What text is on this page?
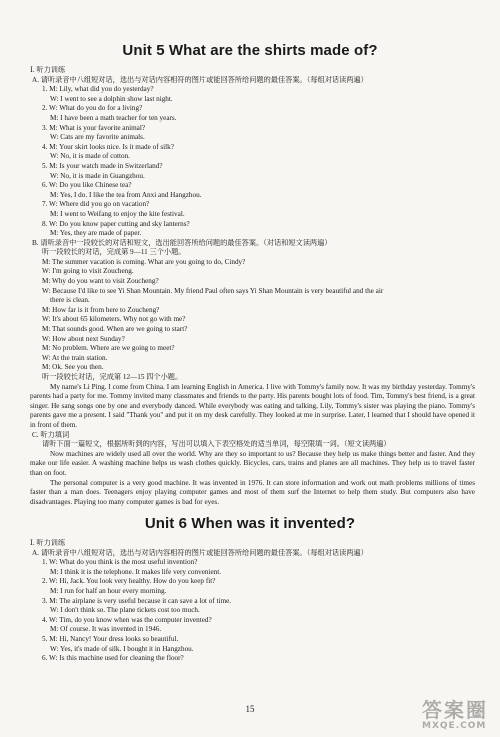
Unit 5 What are the shirts made of?
Ⅰ. 听力训练
A. 请听录音中八组短对话，选出与对话内容相符的图片或能回答所给问题的最佳答案。（每组对话读两遍）
1. M: Lily, what did you do yesterday?
W: I went to see a dolphin show last night.
2. W: What do you do for a living?
M: I have been a math teacher for ten years.
3. M: What is your favorite animal?
W: Cats are my favorite animals.
4. M: Your skirt looks nice. Is it made of silk?
W: No, it is made of cotton.
5. M: Is your watch made in Switzerland?
W: No, it is made in Guangzhou.
6. W: Do you like Chinese tea?
M: Yes, I do. I like the tea from Anxi and Hangzhou.
7. W: Where did you go on vacation?
M: I went to Weifang to enjoy the kite festival.
8. W: Do you know paper cutting and sky lanterns?
M: Yes, they are made of paper.
B. 请听录音中一段较长的对话和短文，选出能回答所给问题的最佳答案。（对话和短文读两遍）
听一段较长的对话，完成第 9—11 三个小题。
M: The summer vacation is coming. What are you going to do, Cindy?
W: I'm going to visit Zoucheng.
M: Why do you want to visit Zoucheng?
W: Because I'd like to see Yi Shan Mountain. My friend Paul often says Yi Shan Mountain is very beautiful and the air
there is clean.
M: How far is it from here to Zoucheng?
W: It's about 65 kilometers. Why not go with me?
M: That sounds good. When are we going to start?
W: How about next Sunday?
M: No problem. Where are we going to meet?
W: At the train station.
M: Ok. See you then.
听一段较长对话，完成第 12—15 四个小题。
My name's Li Ping. I come from China. I am learning English in America. I live with Tommy's family now. It was my birthday yesterday. Tommy's parents had a party for me. Tommy invited many classmates and friends to the party. His parents bought lots of food. Tim, Tommy's best friend, is a great singer. He sang songs one by one and everybody danced. While everybody was eating and talking, Lily, Tommy's sister was playing the piano. Tommy's parents gave me a present. I said "Thank you" and put it on my desk carefully. They looked at me in surprise. Later, I learned that I should have opened it in front of them.
C. 听力填词
请听下面一篇短文，根据所听到的内容，写出可以填入下表空格处的适当单词，每空限填一词。（短文读两遍）
Now machines are widely used all over the world. Why are they so important to us? Because they help us make things better and faster. And they make our life easier. A washing machine helps us wash clothes quickly. Bicycles, cars, trains and planes are all machines. They help us to travel faster than on foot.
The personal computer is a very good machine. It was invented in 1976. It can store information and work out math problems millions of times faster than a man does. Teenagers enjoy playing computer games and most of them surf the Internet to help them study. But computers also have disadvantages. Playing too many computer games is bad for eyes.
Unit 6 When was it invented?
Ⅰ. 听力训练
A. 请听录音中八组短对话，选出与对话内容相符的图片或能回答所给问题的最佳答案。（每组对话读两遍）
1. W: What do you think is the most useful invention?
M: I think it is the telephone. It makes life very convenient.
2. W: Hi, Jack. You look very healthy. How do you keep fit?
M: I run for half an hour every morning.
3. M: The airplane is very useful because it can save a lot of time.
W: I don't think so. The plane tickets cost too much.
4. W: Tim, do you know when was the computer invented?
M: Of course. It was invented in 1946.
5. M: Hi, Nancy! Your dress looks so beautiful.
W: Yes, it's made of silk. I bought it in Hangzhou.
6. W: Is this machine used for cleaning the floor?
15	答案圈
MXQE.COM
